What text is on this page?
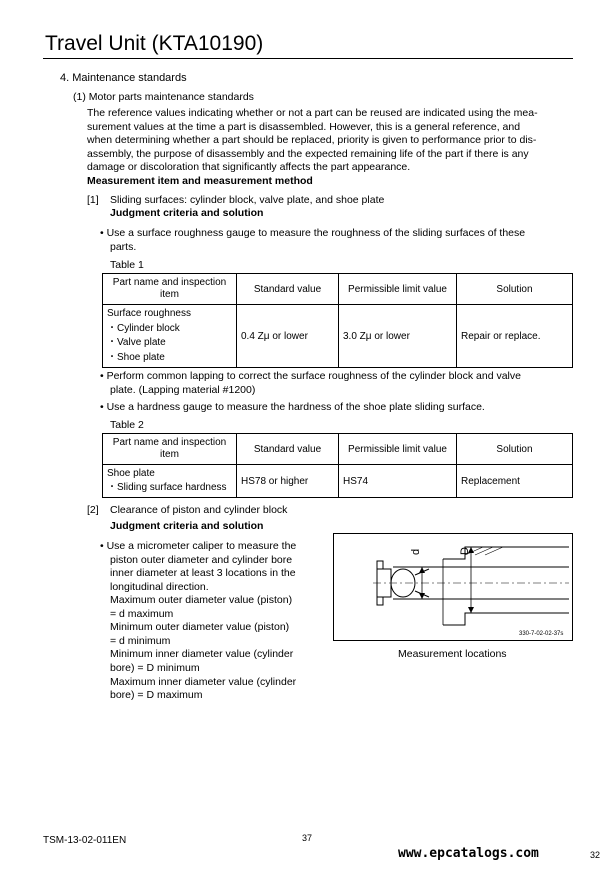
Travel Unit (KTA10190)
4. Maintenance standards
(1) Motor parts maintenance standards
The reference values indicating whether or not a part can be reused are indicated using the mea-
surement values at the time a part is disassembled. However, this is a general reference, and
when determining whether a part should be replaced, priority is given to performance prior to dis-
assembly, the purpose of disassembly and the expected remaining life of the part if there is any
damage or discoloration that significantly affects the part appearance.
Measurement item and measurement method
[1] Sliding surfaces: cylinder block, valve plate, and shoe plate
Judgment criteria and solution
• Use a surface roughness gauge to measure the roughness of the sliding surfaces of these
parts.
Table 1
Part name and inspection
item	Standard value	Permissible limit value	Solution

Surface roughness
・Cylinder block
・Valve plate
・Shoe plate	0.4 Zμ or lower	3.0 Zμ or lower	Repair or replace.
• Perform common lapping to correct the surface roughness of the cylinder block and valve
plate. (Lapping material #1200)
• Use a hardness gauge to measure the hardness of the shoe plate sliding surface.
Table 2
Part name and inspection
item	Standard value	Permissible limit value	Solution

Shoe plate
・Sliding surface hardness	HS78 or higher	HS74	Replacement
[2] Clearance of piston and cylinder block
Judgment criteria and solution
• Use a micrometer caliper to measure the
piston outer diameter and cylinder bore
inner diameter at least 3 locations in the
longitudinal direction.
Maximum outer diameter value (piston)
= d maximum
Minimum outer diameter value (piston)
= d minimum
Minimum inner diameter value (cylinder
bore) = D minimum
Maximum inner diameter value (cylinder
bore) = D maximum
d	D
330-7-02-02-37s
Measurement locations
TSM-13-02-011EN	37
www.epcatalogs.com	32
